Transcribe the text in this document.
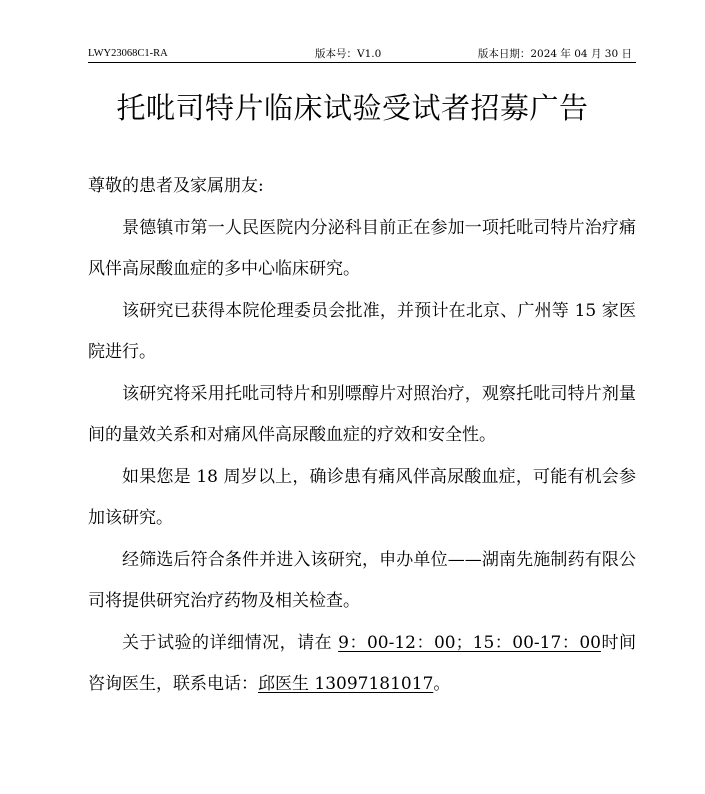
LWY23068C1-RA	版本号：V1.0	版本日期：2024 年 04 月 30 日
托吡司特片临床试验受试者招募广告

尊敬的患者及家属朋友:

景德镇市第一人民医院内分泌科目前正在参加一项托吡司特片治疗痛风伴高尿酸血症的多中心临床研究。

该研究已获得本院伦理委员会批准，并预计在北京、广州等 15 家医院进行。

该研究将采用托吡司特片和别嘌醇片对照治疗，观察托吡司特片剂量间的量效关系和对痛风伴高尿酸血症的疗效和安全性。

如果您是 18 周岁以上，确诊患有痛风伴高尿酸血症，可能有机会参加该研究。

经筛选后符合条件并进入该研究，申办单位——湖南先施制药有限公司将提供研究治疗药物及相关检查。

关于试验的详细情况，请在 9：00-12：00；15：00-17：00时间咨询医生，联系电话：邱医生 13097181017。
